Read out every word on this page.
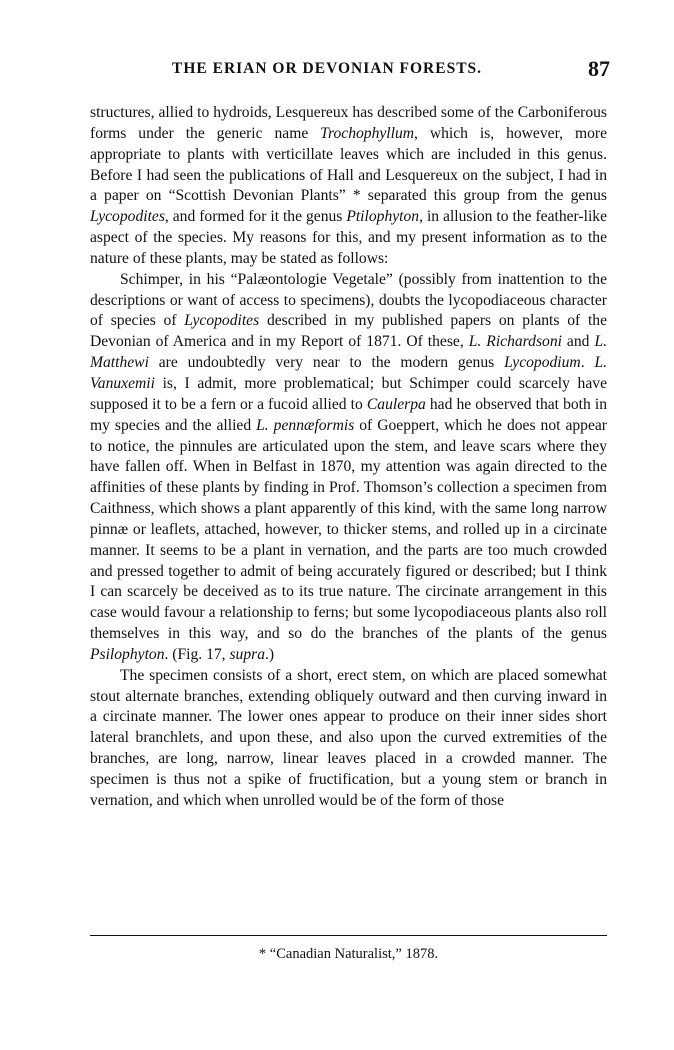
THE ERIAN OR DEVONIAN FORESTS.	87

structures, allied to hydroids, Lesquereux has described some of the Carboniferous forms under the generic name Trochophyllum, which is, however, more appropriate to plants with verticillate leaves which are included in this genus. Before I had seen the publications of Hall and Lesquereux on the subject, I had in a paper on “Scottish Devonian Plants” * separated this group from the genus Lycopodites, and formed for it the genus Ptilophyton, in allusion to the feather-like aspect of the species. My reasons for this, and my present information as to the nature of these plants, may be stated as follows:

Schimper, in his “Palæontologie Vegetale” (possibly from inattention to the descriptions or want of access to specimens), doubts the lycopodiaceous character of species of Lycopodites described in my published papers on plants of the Devonian of America and in my Report of 1871. Of these, L. Richardsoni and L. Matthewi are undoubtedly very near to the modern genus Lycopodium. L. Vanuxemii is, I admit, more problematical; but Schimper could scarcely have supposed it to be a fern or a fucoid allied to Caulerpa had he observed that both in my species and the allied L. pennæformis of Goeppert, which he does not appear to notice, the pinnules are articulated upon the stem, and leave scars where they have fallen off. When in Belfast in 1870, my attention was again directed to the affinities of these plants by finding in Prof. Thomson’s collection a specimen from Caithness, which shows a plant apparently of this kind, with the same long narrow pinnæ or leaflets, attached, however, to thicker stems, and rolled up in a circinate manner. It seems to be a plant in vernation, and the parts are too much crowded and pressed together to admit of being accurately figured or described; but I think I can scarcely be deceived as to its true nature. The circinate arrangement in this case would favour a relationship to ferns; but some lycopodiaceous plants also roll themselves in this way, and so do the branches of the plants of the genus Psilophyton. (Fig. 17, supra.)

The specimen consists of a short, erect stem, on which are placed somewhat stout alternate branches, extending obliquely outward and then curving inward in a circinate manner. The lower ones appear to produce on their inner sides short lateral branchlets, and upon these, and also upon the curved extremities of the branches, are long, narrow, linear leaves placed in a crowded manner. The specimen is thus not a spike of fructification, but a young stem or branch in vernation, and which when unrolled would be of the form of those

* “Canadian Naturalist,” 1878.
